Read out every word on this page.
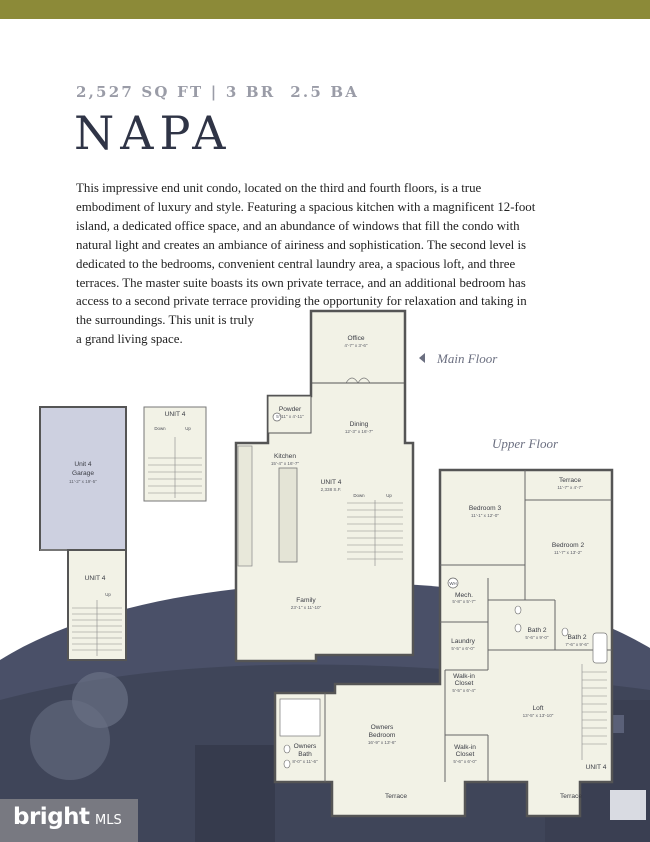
2,527 SQ FT | 3 BR  2.5 BA
NAPA
This impressive end unit condo, located on the third and fourth floors, is a true
embodiment of luxury and style. Featuring a spacious kitchen with a magnificent 12-foot
island, a dedicated office space, and an abundance of windows that fill the condo with
natural light and creates an ambiance of airiness and sophistication. The second level is
dedicated to the bedrooms, convenient central laundry area, a spacious loft, and three
terraces. The master suite boasts its own private terrace, and an additional bedroom has
access to a second private terrace providing the opportunity for relaxation and taking in
the surroundings. This unit is truly
a grand living space.
Unit 4
Garage
11'-2" x 19'-5"
UNIT 4
Up
UNIT 4
Down	Up
Office
4'-7" x 3'-6"
Powder
5'-11" x 4'-11"
Dining
12'-3" x 16'-7"
Kitchen
15'-4" x 16'-7"
UNIT 4
2,338 S.F.
Down	Up
Family
23'-1" x 11'-10"
Terrace
11'-7" x 4'-7"
Bedroom 3
11'-1" x 12'-0"
Bedroom 2
11'-7" x 13'-2"
WH
Mech.
5'-8" x 5'-7"
Bath 2
5'-6" x 9'-0"	Bath 2
7'-6" x 9'-6"
Laundry
5'-5" x 6'-0"
Walk-in
Closet
5'-5" x 6'-4"
Owners
Bedroom
16'-9" x 13'-6"
Owners
Bath
8'-0" x 11'-6"
Walk-in
Closet
5'-6" x 6'-0"
Loft
13'-5" x 13'-10"
UNIT 4
Terrace	Terrace
Main Floor
Upper Floor
bright MLS
